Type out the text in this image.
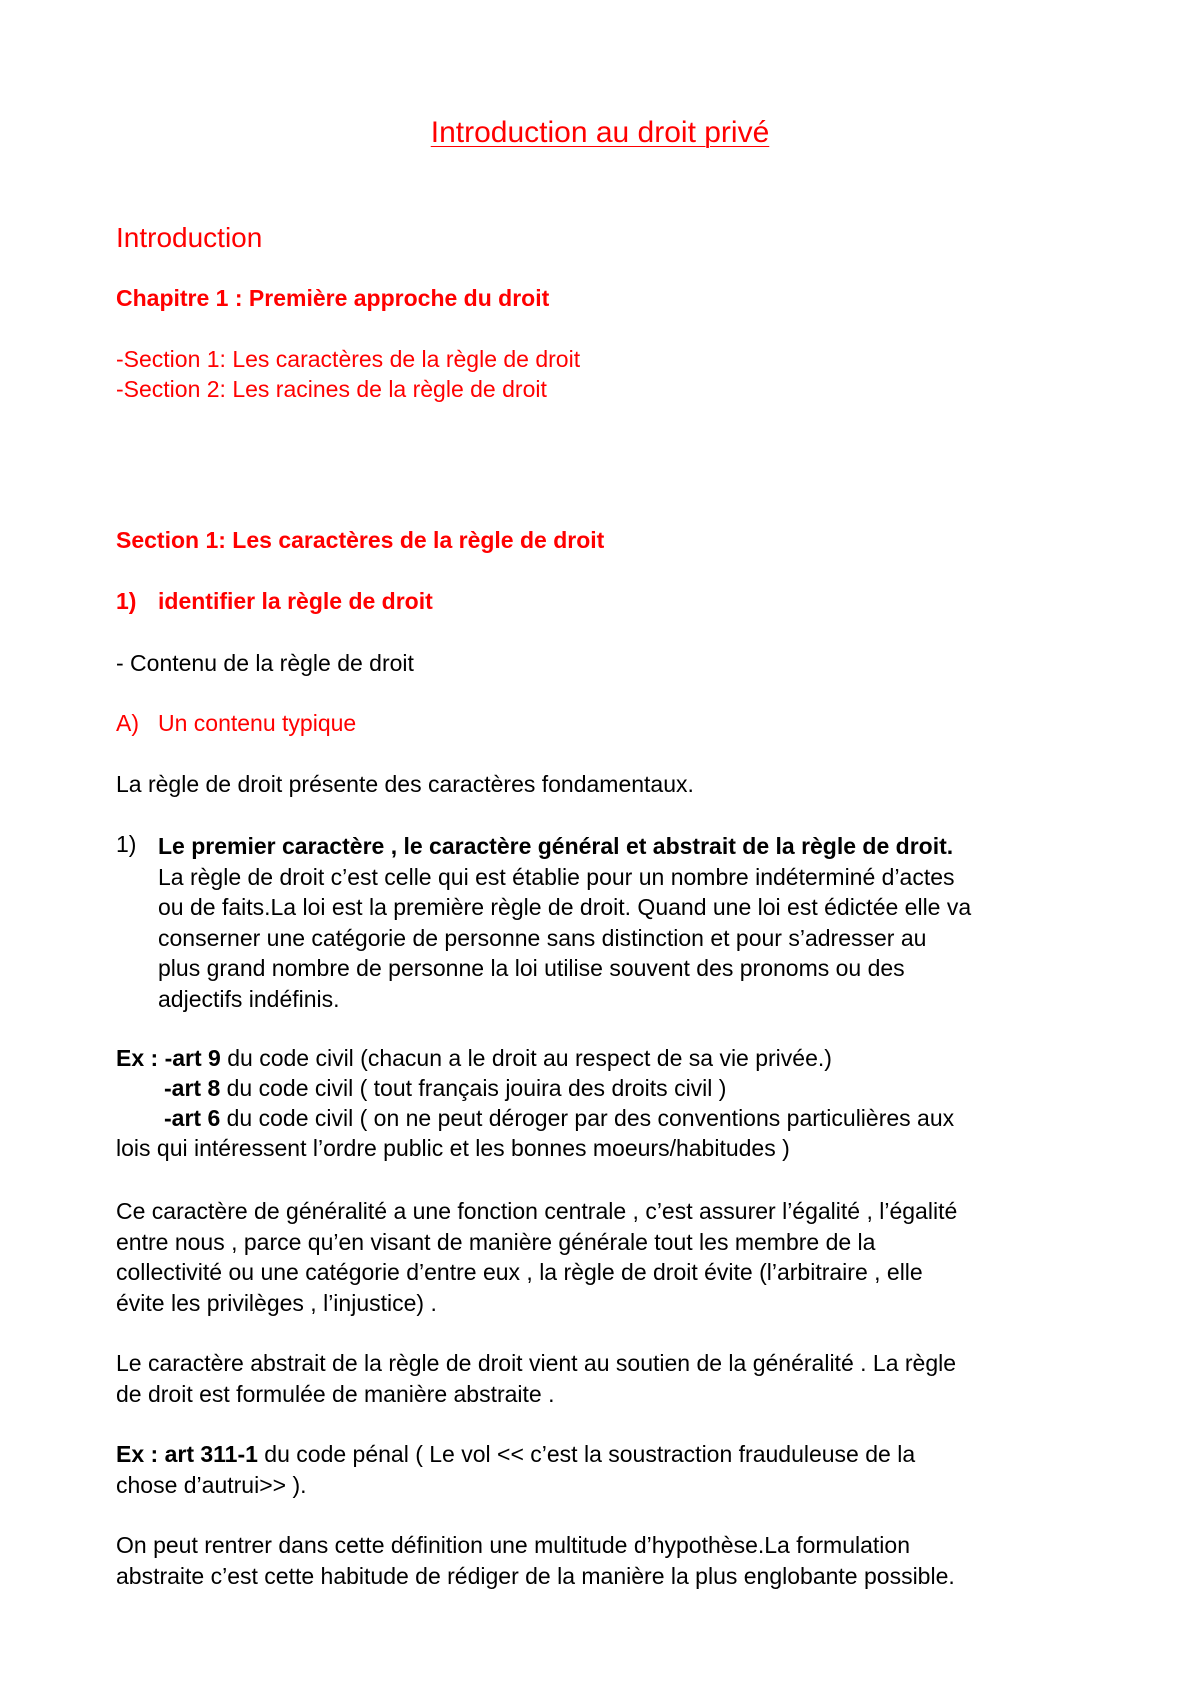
Introduction au droit privé
Introduction
Chapitre 1 : Première approche du droit
-Section 1: Les caractères de la règle de droit
-Section 2: Les racines de la règle de droit
Section 1: Les caractères de la règle de droit
1) identifier la règle de droit
- Contenu de la règle de droit
A) Un contenu typique
La règle de droit présente des caractères fondamentaux.
1) Le premier caractère , le caractère général et abstrait de la règle de droit.
La règle de droit c’est celle qui est établie pour un nombre indéterminé d’actes
ou de faits.La loi est la première règle de droit. Quand une loi est édictée elle va
conserner une catégorie de personne sans distinction et pour s’adresser au
plus grand nombre de personne la loi utilise souvent des pronoms ou des
adjectifs indéfinis.
Ex : -art 9 du code civil (chacun a le droit au respect de sa vie privée.)
-art 8 du code civil ( tout français jouira des droits civil )
-art 6 du code civil ( on ne peut déroger par des conventions particulières aux
lois qui intéressent l’ordre public et les bonnes moeurs/habitudes )
Ce caractère de généralité a une fonction centrale , c’est assurer l’égalité , l’égalité
entre nous , parce qu’en visant de manière générale tout les membre de la
collectivité ou une catégorie d’entre eux , la règle de droit évite (l’arbitraire , elle
évite les privilèges , l’injustice) .
Le caractère abstrait de la règle de droit vient au soutien de la généralité . La règle
de droit est formulée de manière abstraite .
Ex : art 311-1 du code pénal ( Le vol << c’est la soustraction frauduleuse de la
chose d’autrui>> ).
On peut rentrer dans cette définition une multitude d’hypothèse.La formulation
abstraite c’est cette habitude de rédiger de la manière la plus englobante possible.
